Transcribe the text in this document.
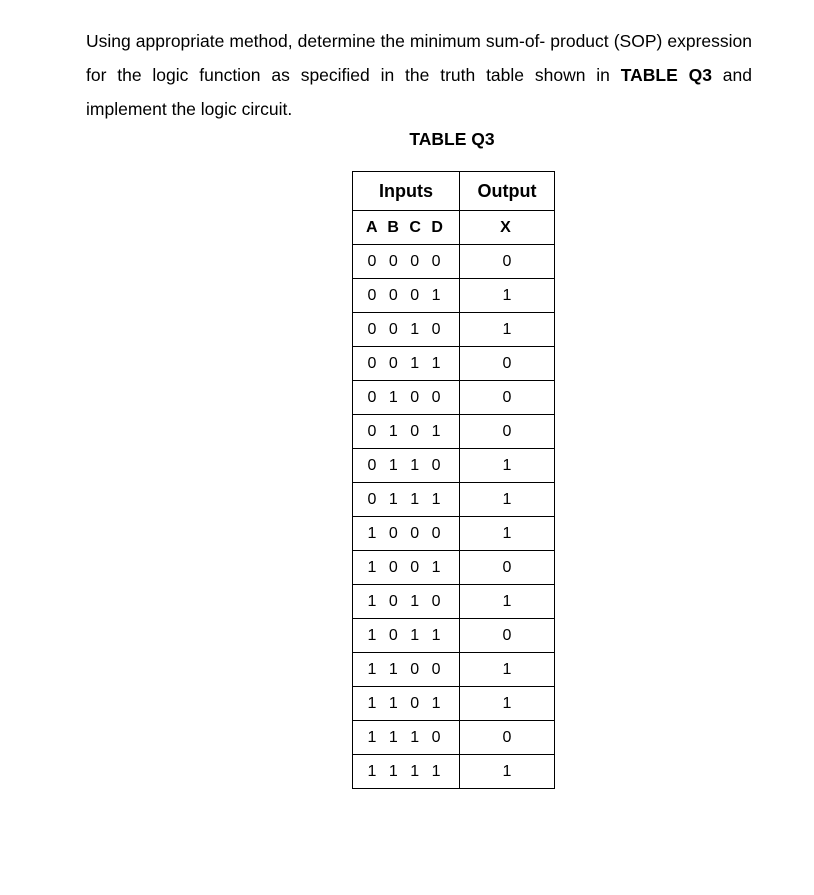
Using appropriate method, determine the minimum sum-of- product (SOP) expression for the logic function as specified in the truth table shown in TABLE Q3 and implement the logic circuit.

TABLE Q3

Inputs	Output
A B C D	X
0 0 0 0	0
0 0 0 1	1
0 0 1 0	1
0 0 1 1	0
0 1 0 0	0
0 1 0 1	0
0 1 1 0	1
0 1 1 1	1
1 0 0 0	1
1 0 0 1	0
1 0 1 0	1
1 0 1 1	0
1 1 0 0	1
1 1 0 1	1
1 1 1 0	0
1 1 1 1	1
